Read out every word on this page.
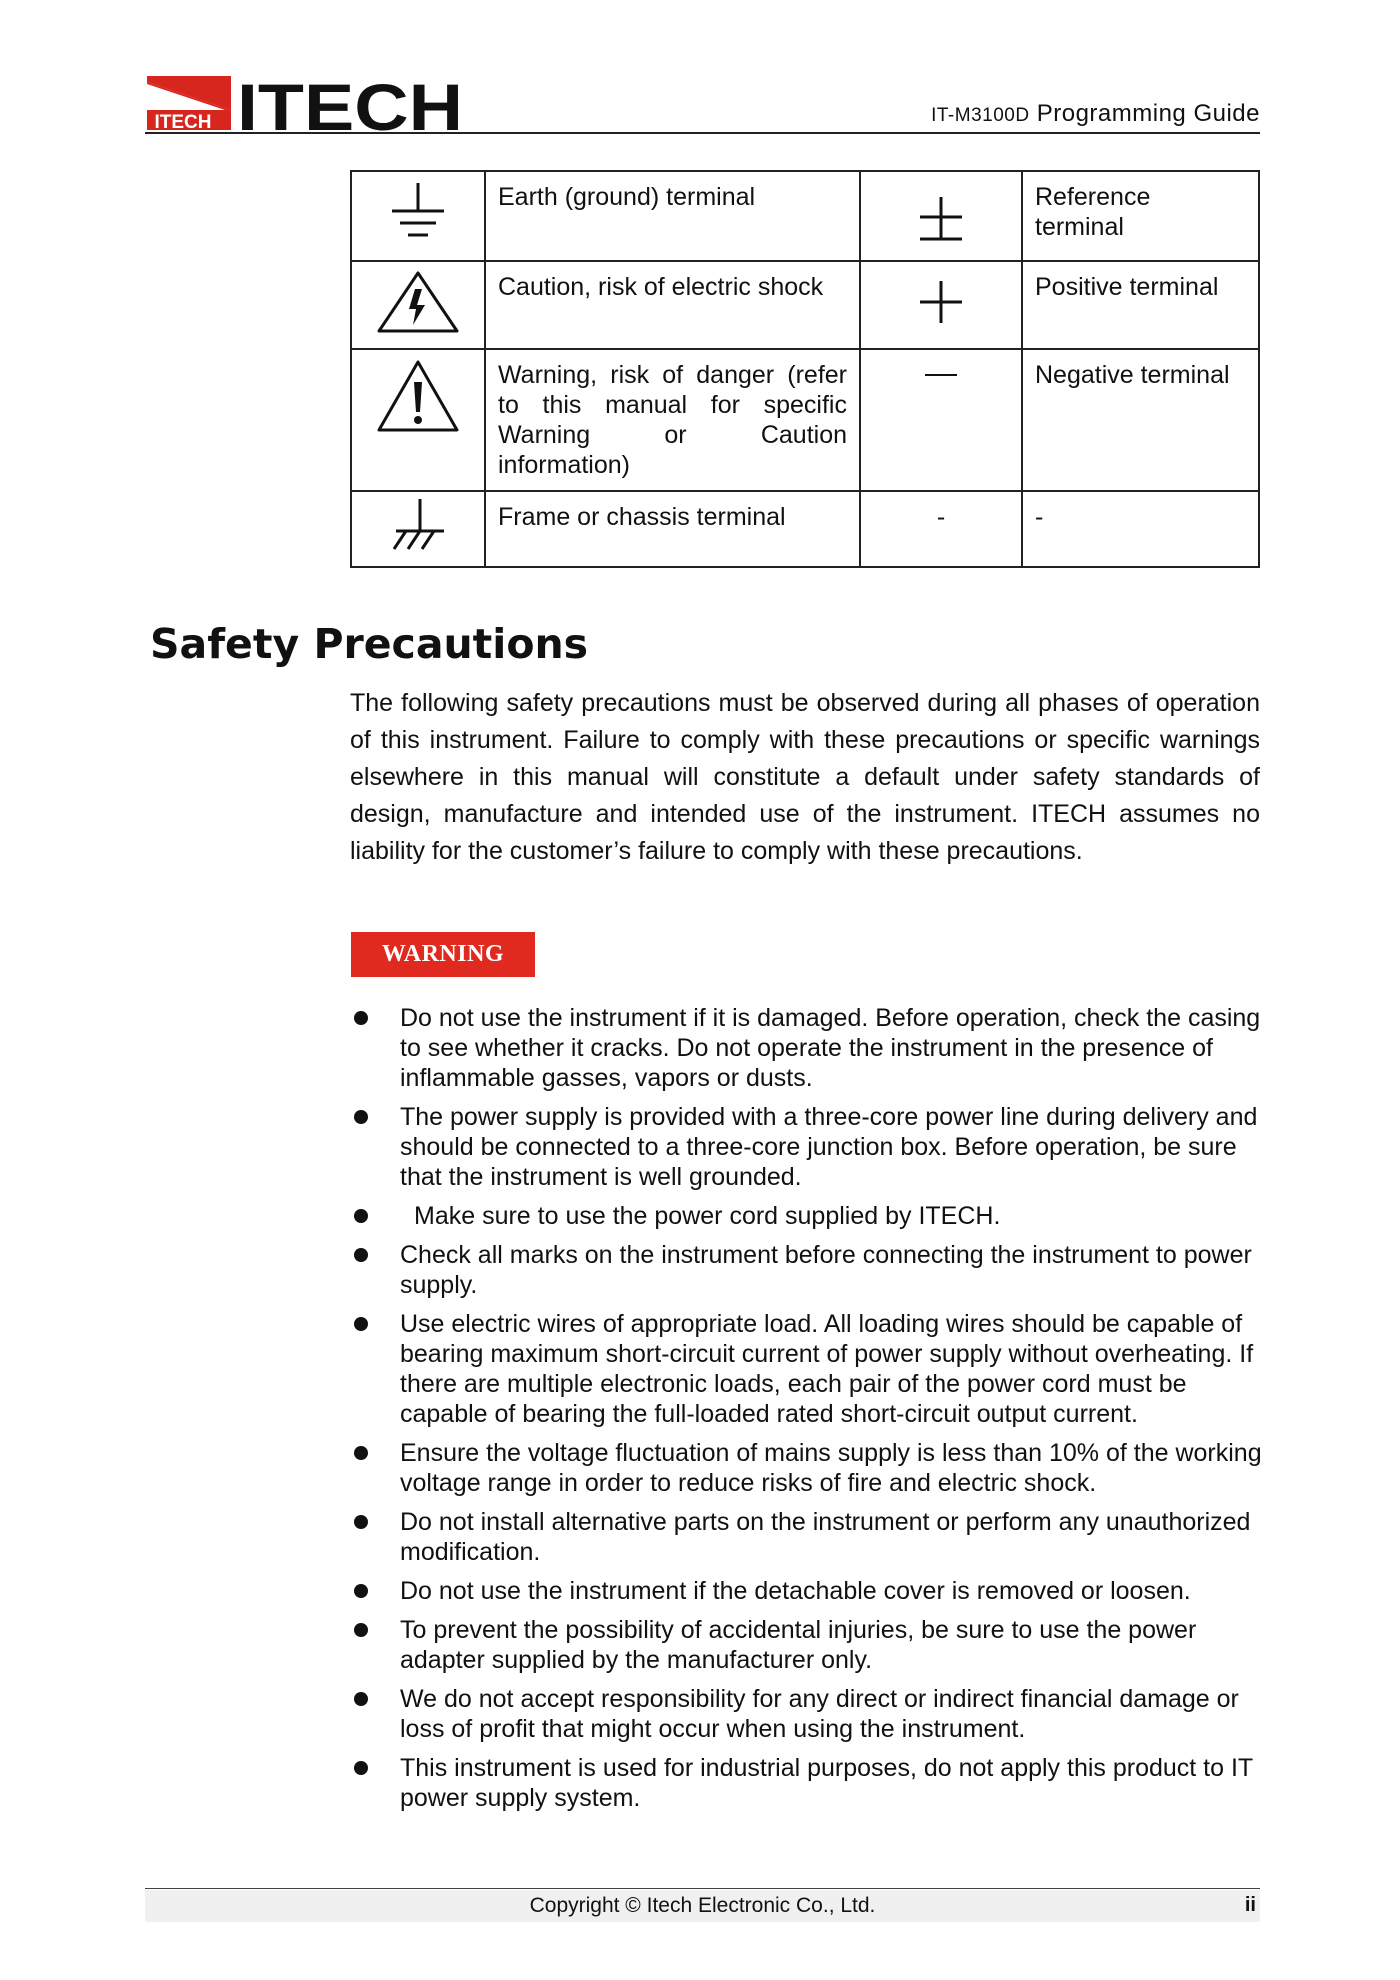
ITECH ITECH	IT-M3100D Programming Guide
	Earth (ground) terminal		Reference terminal
	Caution, risk of electric shock		Positive terminal
	Warning, risk of danger (refer to this manual for specific Warning or Caution information)		Negative terminal
	Frame or chassis terminal	-	-
Safety Precautions

The following safety precautions must be observed during all phases of operation of this instrument. Failure to comply with these precautions or specific warnings elsewhere in this manual will constitute a default under safety standards of design, manufacture and intended use of the instrument. ITECH assumes no liability for the customer’s failure to comply with these precautions.

WARNING
Do not use the instrument if it is damaged. Before operation, check the casing to see whether it cracks. Do not operate the instrument in the presence of inflammable gasses, vapors or dusts.
The power supply is provided with a three-core power line during delivery and should be connected to a three-core junction box. Before operation, be sure that the instrument is well grounded.
Make sure to use the power cord supplied by ITECH.
Check all marks on the instrument before connecting the instrument to power supply.
Use electric wires of appropriate load. All loading wires should be capable of bearing maximum short-circuit current of power supply without overheating. If there are multiple electronic loads, each pair of the power cord must be capable of bearing the full-loaded rated short-circuit output current.
Ensure the voltage fluctuation of mains supply is less than 10% of the working voltage range in order to reduce risks of fire and electric shock.
Do not install alternative parts on the instrument or perform any unauthorized modification.
Do not use the instrument if the detachable cover is removed or loosen.
To prevent the possibility of accidental injuries, be sure to use the power adapter supplied by the manufacturer only.
We do not accept responsibility for any direct or indirect financial damage or loss of profit that might occur when using the instrument.
This instrument is used for industrial purposes, do not apply this product to IT power supply system.
Copyright © Itech Electronic Co., Ltd.	ii
